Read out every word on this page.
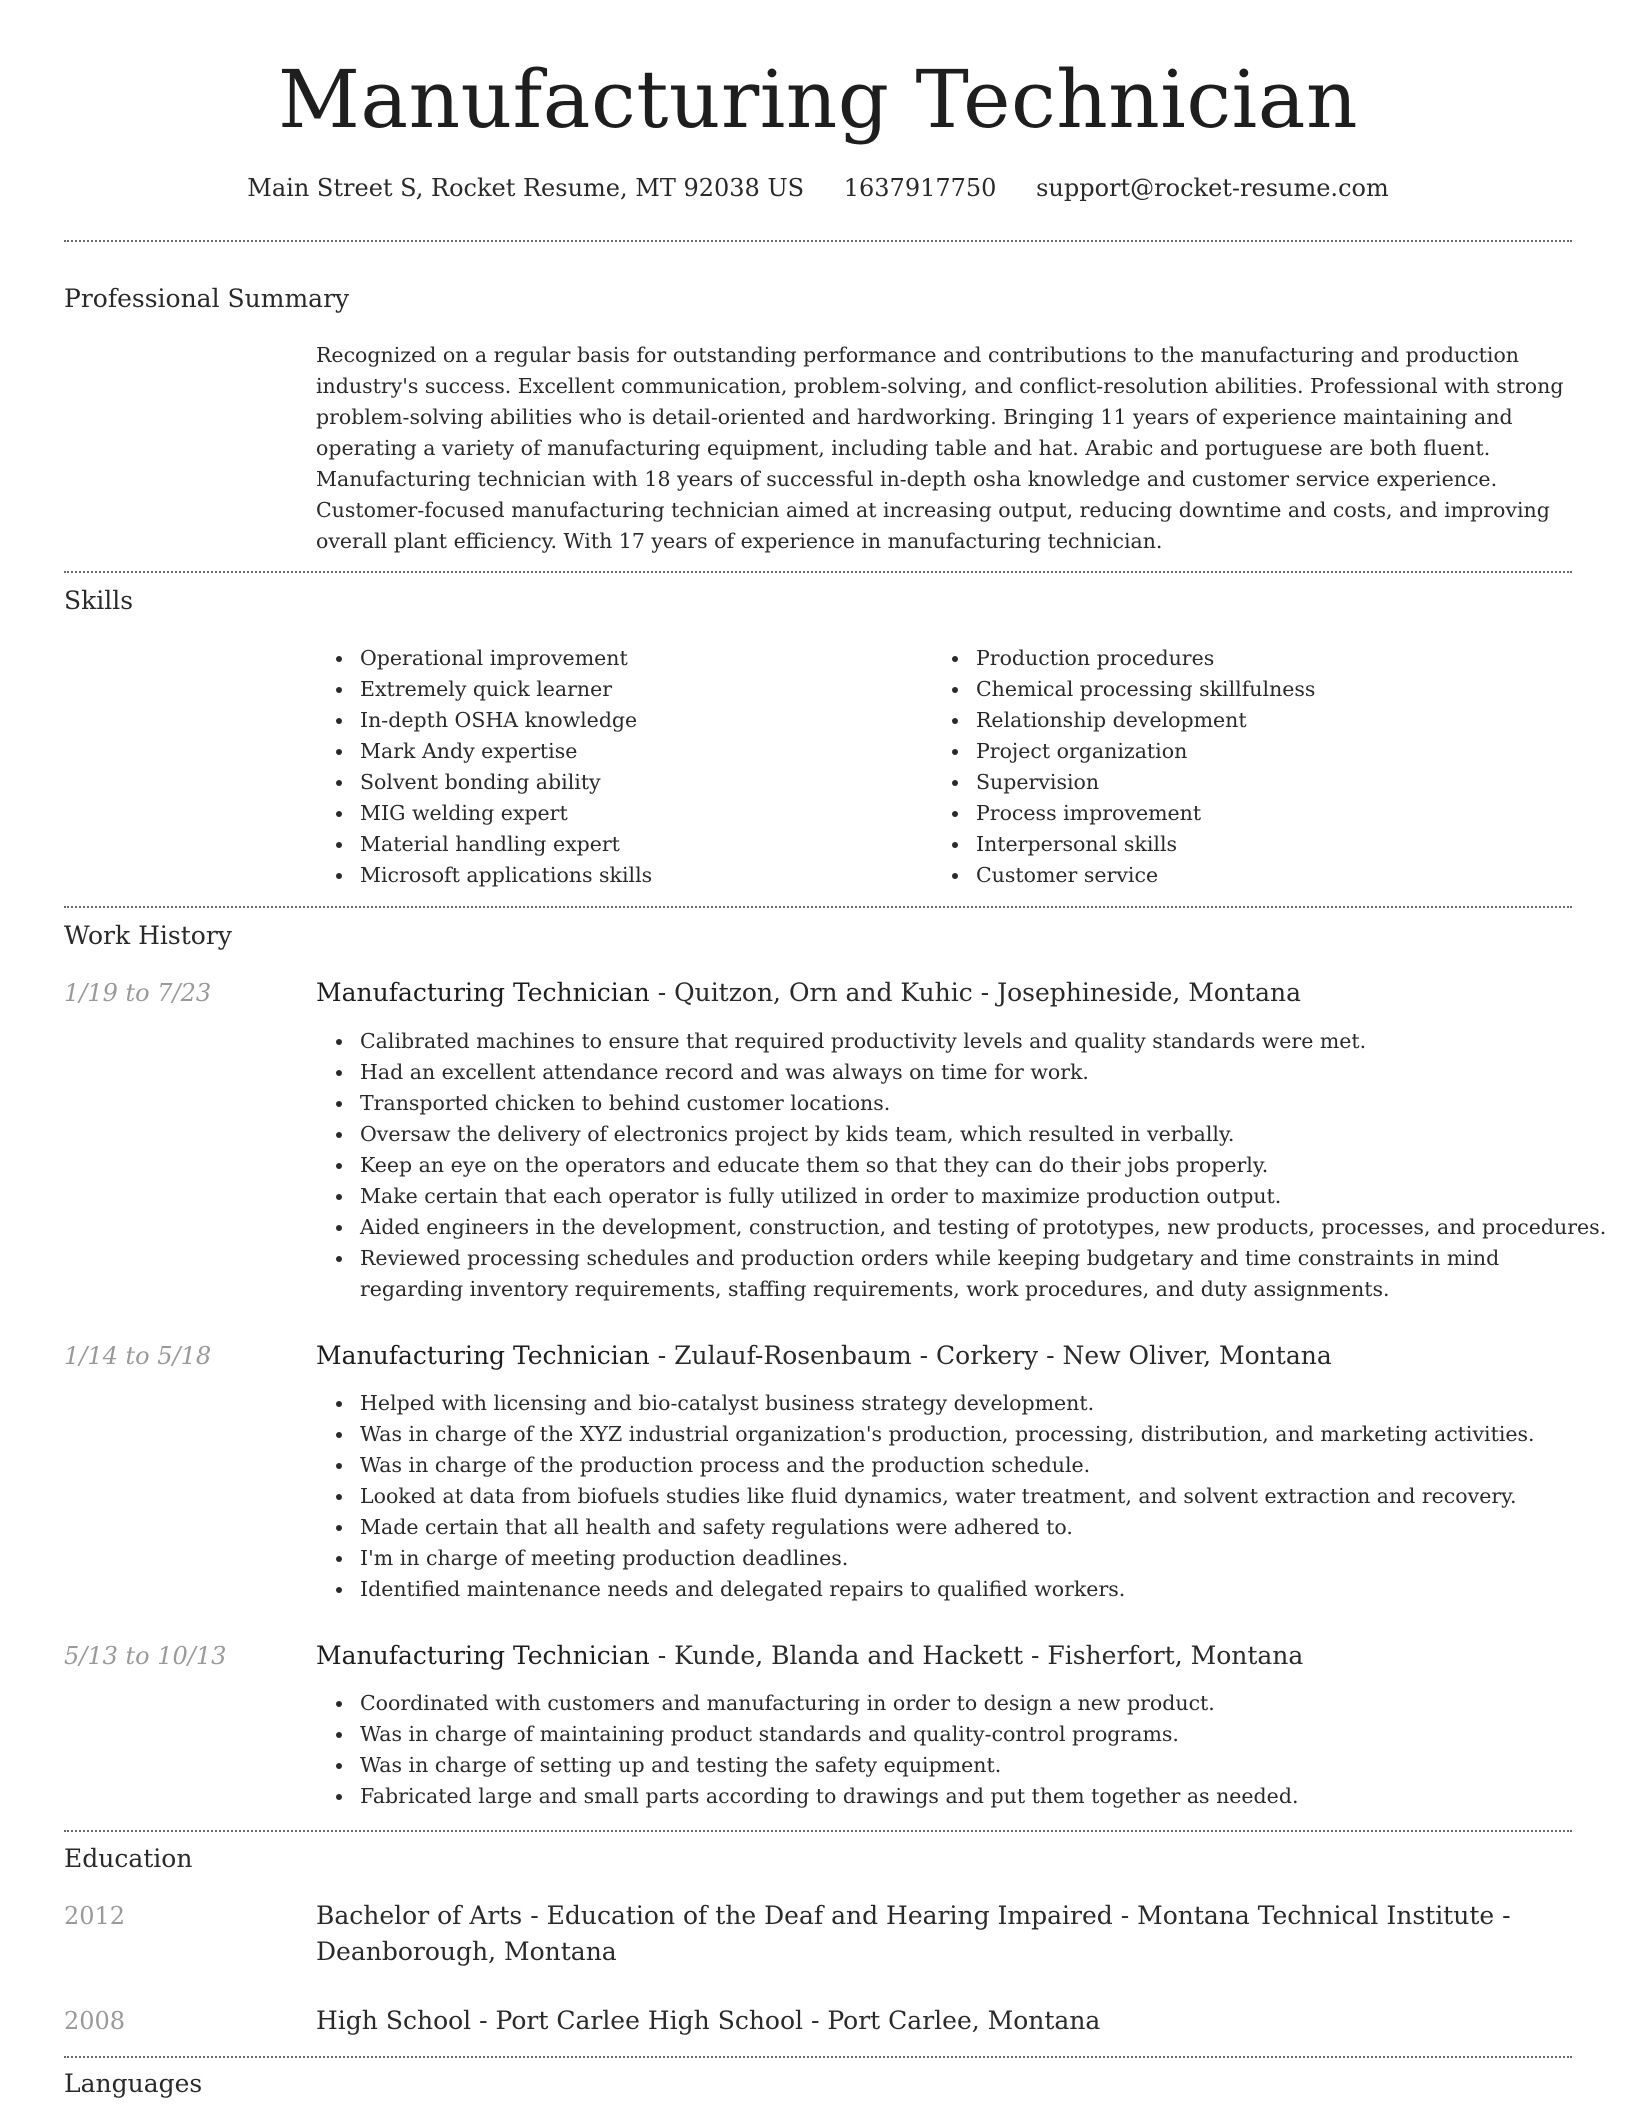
Manufacturing Technician
Main Street S, Rocket Resume, MT 92038 US 1637917750 support@rocket-resume.com
Professional Summary

Recognized on a regular basis for outstanding performance and contributions to the manufacturing and production industry's success. Excellent communication, problem-solving, and conflict-resolution abilities. Professional with strong problem-solving abilities who is detail-oriented and hardworking. Bringing 11 years of experience maintaining and operating a variety of manufacturing equipment, including table and hat. Arabic and portuguese are both fluent. Manufacturing technician with 18 years of successful in-depth osha knowledge and customer service experience. Customer-focused manufacturing technician aimed at increasing output, reducing downtime and costs, and improving overall plant efficiency. With 17 years of experience in manufacturing technician.

Skills
Operational improvement
Extremely quick learner
In-depth OSHA knowledge
Mark Andy expertise
Solvent bonding ability
MIG welding expert
Material handling expert
Microsoft applications skills
Production procedures
Chemical processing skillfulness
Relationship development
Project organization
Supervision
Process improvement
Interpersonal skills
Customer service
Work History
1/19 to 7/23	Manufacturing Technician - Quitzon, Orn and Kuhic - Josephineside, Montana
Calibrated machines to ensure that required productivity levels and quality standards were met.
Had an excellent attendance record and was always on time for work.
Transported chicken to behind customer locations.
Oversaw the delivery of electronics project by kids team, which resulted in verbally.
Keep an eye on the operators and educate them so that they can do their jobs properly.
Make certain that each operator is fully utilized in order to maximize production output.
Aided engineers in the development, construction, and testing of prototypes, new products, processes, and procedures.
Reviewed processing schedules and production orders while keeping budgetary and time constraints in mind regarding inventory requirements, staffing requirements, work procedures, and duty assignments.
1/14 to 5/18	Manufacturing Technician - Zulauf-Rosenbaum - Corkery - New Oliver, Montana
Helped with licensing and bio-catalyst business strategy development.
Was in charge of the XYZ industrial organization's production, processing, distribution, and marketing activities.
Was in charge of the production process and the production schedule.
Looked at data from biofuels studies like fluid dynamics, water treatment, and solvent extraction and recovery.
Made certain that all health and safety regulations were adhered to.
I'm in charge of meeting production deadlines.
Identified maintenance needs and delegated repairs to qualified workers.
5/13 to 10/13	Manufacturing Technician - Kunde, Blanda and Hackett - Fisherfort, Montana
Coordinated with customers and manufacturing in order to design a new product.
Was in charge of maintaining product standards and quality-control programs.
Was in charge of setting up and testing the safety equipment.
Fabricated large and small parts according to drawings and put them together as needed.
Education
2012	Bachelor of Arts - Education of the Deaf and Hearing Impaired - Montana Technical Institute - Deanborough, Montana
2008	High School - Port Carlee High School - Port Carlee, Montana
Languages
